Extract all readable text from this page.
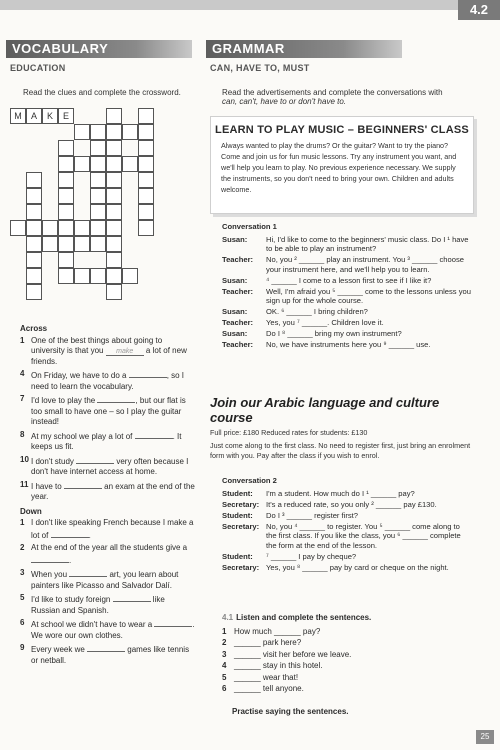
4.2
VOCABULARY
EDUCATION
Read the clues and complete the crossword.
M	A	K	E
Across
1 One of the best things about going to university is that you make a lot of new friends.
4 On Friday, we have to do a	, so I need to learn the vocabulary.
7 I'd love to play the	, but our flat is too small to have one – so I play the guitar instead!
8 At my school we play a lot of	. It keeps us fit.
10 I don't study	very often because I don't have internet access at home.
11 I have to	an exam at the end of the year.
Down
1 I don't like speaking French because I make a lot of	.
2 At the end of the year all the students give a .
3 When you	art, you learn about painters like Picasso and Salvador Dalí.
5 I'd like to study foreign	like Russian and Spanish.
6 At school we didn't have to wear a	. We wore our own clothes.
9 Every week we	games like tennis or netball.
GRAMMAR
CAN, HAVE TO, MUST
Read the advertisements and complete the conversations with
can, can't, have to or don't have to.
LEARN TO PLAY MUSIC – BEGINNERS' CLASS
Always wanted to play the drums? Or the guitar? Want to try the piano? Come and join us for fun music lessons. Try any instrument you want, and we'll help you learn to play. No previous experience necessary. We supply the instruments, so you don't need to bring your own. Children and adults welcome.
Conversation 1
Susan:	Hi, I'd like to come to the beginners' music class. Do I ¹ have to be able to play an instrument?
Teacher:	No, you ² ______ play an instrument. You ³ ______ choose your instrument here, and we'll help you to learn.
Susan:	⁴ ______ I come to a lesson first to see if I like it?
Teacher:	Well, I'm afraid you ⁵ ______ come to the lessons unless you sign up for the whole course.
Susan:	OK. ⁶ ______ I bring children?
Teacher:	Yes, you ⁷ ______. Children love it.
Susan:	Do I ⁸ ______ bring my own instrument?
Teacher:	No, we have instruments here you ⁹ ______ use.
Join our Arabic language and culture course
Full price: £180 Reduced rates for students: £130
Just come along to the first class. No need to register first, just bring an enrolment form with you. Pay after the class if you wish to enrol.
Conversation 2
Student:	I'm a student. How much do I ¹ ______ pay?
Secretary: It's a reduced rate, so you only ² ______ pay £130.
Student:	Do I ³ ______ register first?
Secretary: No, you ⁴ ______ to register. You ⁵ ______ come along to the first class. If you like the class, you ⁶ ______ complete the form at the end of the lesson.
Student:	⁷ ______ I pay by cheque?
Secretary: Yes, you ⁸ ______ pay by card or cheque on the night.
4.1 Listen and complete the sentences.
1 How much ______ pay?
2 ______ park here?
3 ______ visit her before we leave.
4 ______ stay in this hotel.
5 ______ wear that!
6 ______ tell anyone.
Practise saying the sentences.
25
